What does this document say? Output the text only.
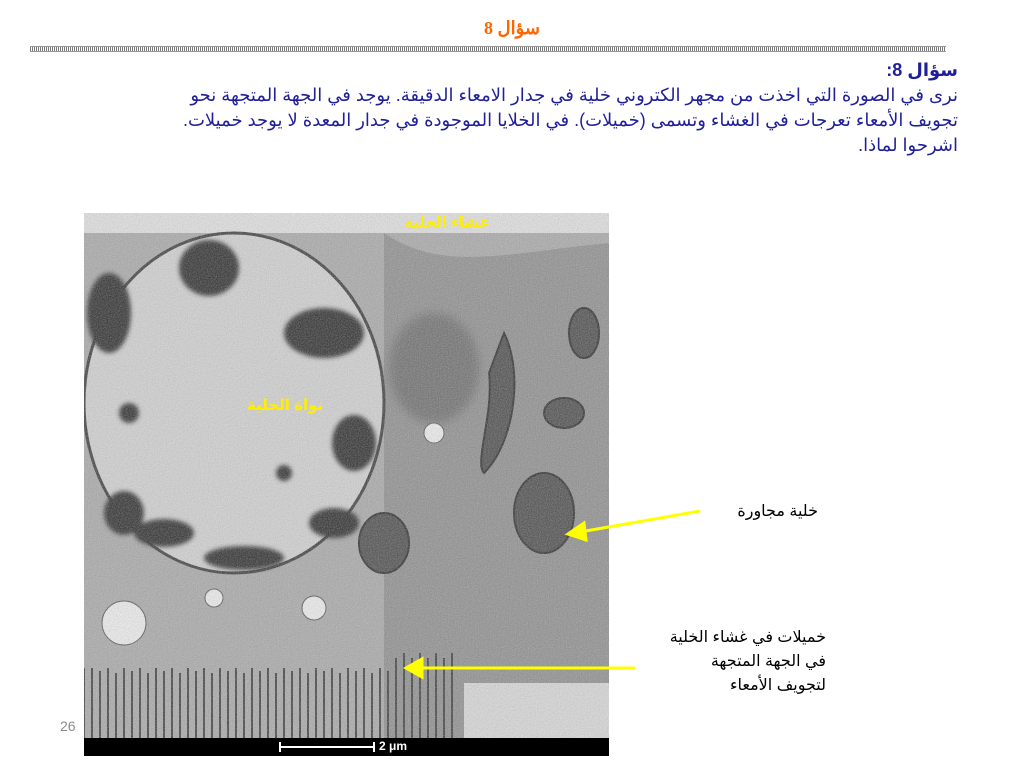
سؤال 8
سؤال 8:
نرى في الصورة التي اخذت من مجهر الكتروني خلية في جدار الامعاء الدقيقة. يوجد في الجهة المتجهة نحو
تجويف الأمعاء تعرجات في الغشاء وتسمى (خميلات). في الخلايا الموجودة في جدار المعدة لا يوجد خميلات.
اشرحوا لماذا.
غشاء الخلية
نواة الخلية
2 μm
خلية مجاورة
خميلات في غشاء الخلية
في الجهة المتجهة
لتجويف الأمعاء
26
